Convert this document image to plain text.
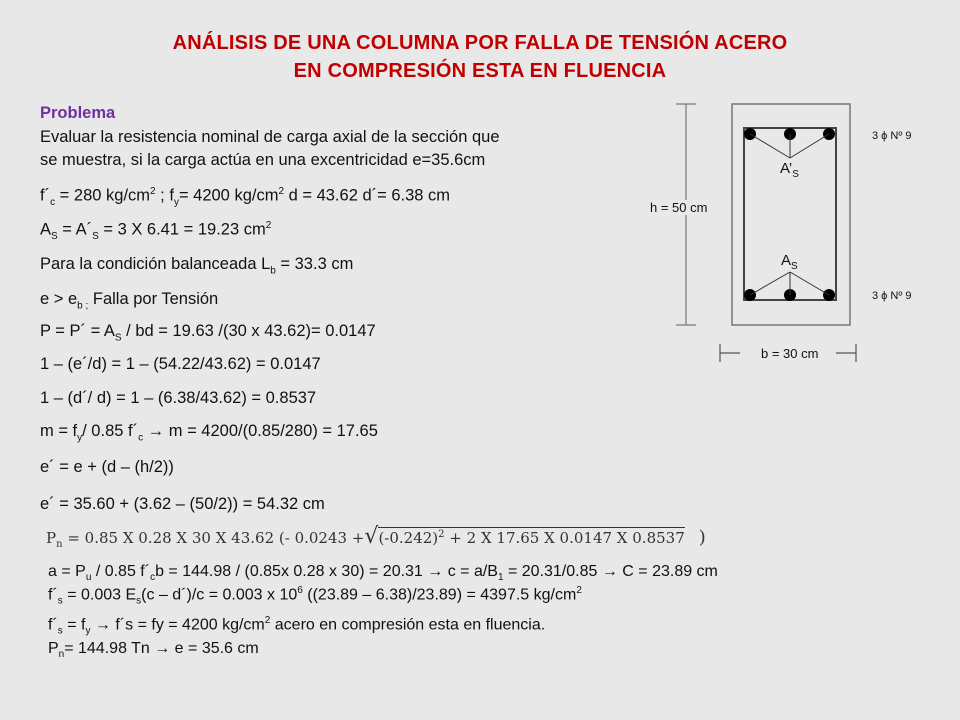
ANÁLISIS DE UNA COLUMNA POR FALLA DE TENSIÓN ACERO
EN COMPRESIÓN ESTA EN FLUENCIA
Problema
Evaluar la resistencia nominal de carga axial de la sección que
se muestra, si la carga actúa en una excentricidad e=35.6cm
$f´_c = 280$ $kg/cm^2$ ; $f_y= 4200$ $kg/cm^2$ d = 43.62 d´= 6.38 cm
$A_S$ = $A´_S = 3$ X 6.41 = 19.23 $cm^2$
Para la condición balanceada $L_b = 33.3$ cm
$e > e_b$ $_;$ Falla por Tensión
P = P´ = $A_S$ / bd = 19.63 /(30 x 43.62)= 0.0147
1 – (e´/d) = 1 – (54.22/43.62) = 0.0147
1 – (d´/ d) = 1 – (6.38/43.62) = 0.8537
$m = f_y/$ 0.85 $f´_c \to m = 4200/(0.85/280) = 17.65$
e´ = e + (d – (h/2))
e´ = 35.60 + (3.62 – (50/2)) = 54.32 cm
$P_n = 0.85$ X 0.28 X 30 X 43.62 (- $0.0243 +√(-0.242)^2 + 2$ X 17.65 X 0.0147 X 0.8537 )
$a = P_u / 0.85$ $f´_cb = 144.98 / (0.85x$ 0.28 x $30) = 20.31 \to c = a/B_1 = 20.31/0.85 \to C = 23.89$ cm
$f´_s = 0.003$ $E_s(c$ – d´)/c = 0.003 x $10^6$ ((23.89 – 6.38)/23.89) = 4397.5 $kg/cm^2$
$f´_s = f_y$ → f´s = fy = 4200 $kg/cm^2$ acero en compresión esta en fluencia.
$P_n= 144.98$ Tn → e = 35.6 cm
h = 50 cm
b = 30 cm
3 ϕ Nº 9
3 ϕ Nº 9
$A’_S$
$A_S$
